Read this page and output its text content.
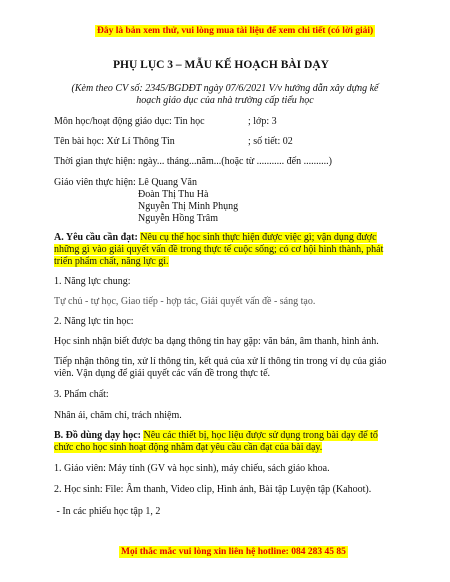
Đây là bản xem thử, vui lòng mua tài liệu để xem chi tiết (có lời giải)
PHỤ LỤC 3 – MẪU KẾ HOẠCH BÀI DẠY
(Kèm theo CV số: 2345/BGDĐT ngày 07/6/2021 V/v hướng dẫn xây dựng kế hoạch giáo dục của nhà trường cấp tiểu học
Môn học/hoạt động giáo dục: Tin học	; lớp: 3
Tên bài học: Xử Lí Thông Tin	; số tiết: 02
Thời gian thực hiện: ngày... tháng...năm...(hoặc từ ........... đến ..........)
Giáo viên thực hiện: Lê Quang Văn
Đoàn Thị Thu Hà
Nguyễn Thị Minh Phụng
Nguyễn Hồng Trâm
A. Yêu cầu cần đạt: Nêu cụ thể học sinh thực hiện được việc gì; vận dụng được những gì vào giải quyết vấn đề trong thực tế cuộc sống; có cơ hội hình thành, phát triển phẩm chất, năng lực gì.
1. Năng lực chung:
Tự chủ - tự học, Giao tiếp - hợp tác, Giải quyết vấn đề - sáng tạo.
2. Năng lực tin học:
Học sinh nhận biết được ba dạng thông tin hay gặp: văn bản, âm thanh, hình ảnh.
Tiếp nhận thông tin, xử lí thông tin, kết quả của xử lí thông tin trong ví dụ của giáo viên. Vận dụng để giải quyết các vấn đề trong thực tế.
3. Phẩm chất:
Nhân ái, chăm chỉ, trách nhiệm.
B. Đồ dùng dạy học: Nêu các thiết bị, học liệu được sử dụng trong bài dạy để tổ chức cho học sinh hoạt động nhằm đạt yêu cầu cần đạt của bài dạy.
1. Giáo viên: Máy tính (GV và học sinh), máy chiếu, sách giáo khoa.
2. Học sinh: File: Âm thanh, Video clip, Hình ảnh, Bài tập Luyện tập (Kahoot).
- In các phiếu học tập 1, 2
Mọi thắc mắc vui lòng xin liên hệ hotline: 084 283 45 85
